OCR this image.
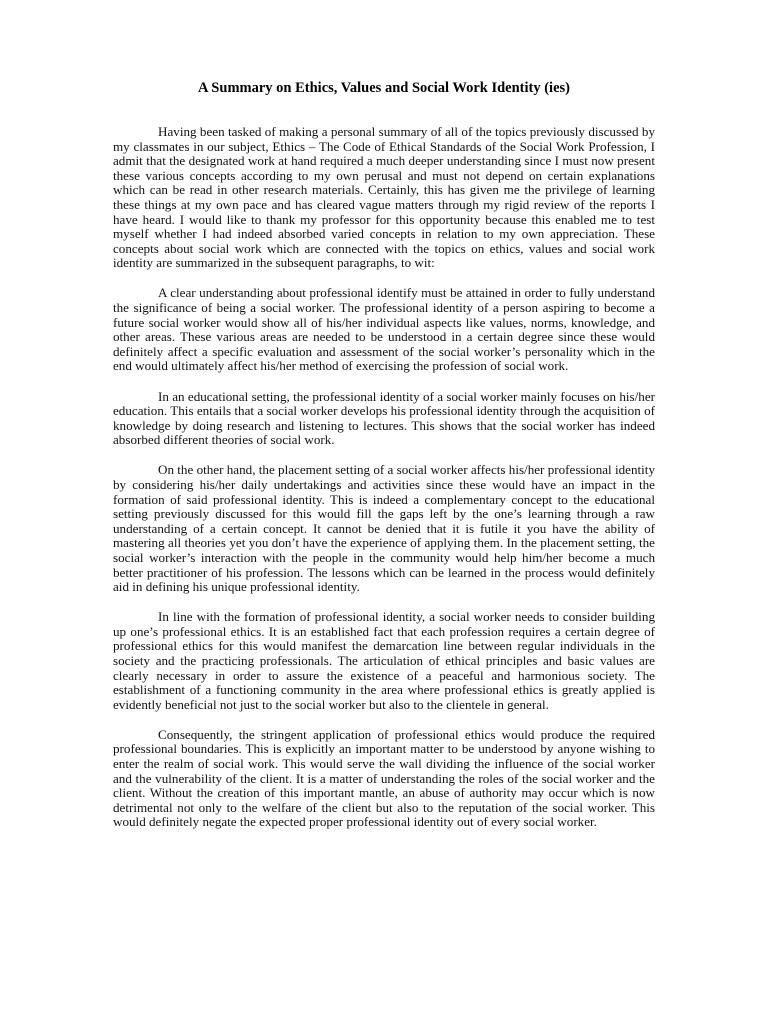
A Summary on Ethics, Values and Social Work Identity (ies)

Having been tasked of making a personal summary of all of the topics previously discussed by my classmates in our subject, Ethics – The Code of Ethical Standards of the Social Work Profession, I admit that the designated work at hand required a much deeper understanding since I must now present these various concepts according to my own perusal and must not depend on certain explanations which can be read in other research materials. Certainly, this has given me the privilege of learning these things at my own pace and has cleared vague matters through my rigid review of the reports I have heard. I would like to thank my professor for this opportunity because this enabled me to test myself whether I had indeed absorbed varied concepts in relation to my own appreciation. These concepts about social work which are connected with the topics on ethics, values and social work identity are summarized in the subsequent paragraphs, to wit:

A clear understanding about professional identify must be attained in order to fully understand the significance of being a social worker. The professional identity of a person aspiring to become a future social worker would show all of his/her individual aspects like values, norms, knowledge, and other areas. These various areas are needed to be understood in a certain degree since these would definitely affect a specific evaluation and assessment of the social worker’s personality which in the end would ultimately affect his/her method of exercising the profession of social work.

In an educational setting, the professional identity of a social worker mainly focuses on his/her education. This entails that a social worker develops his professional identity through the acquisition of knowledge by doing research and listening to lectures. This shows that the social worker has indeed absorbed different theories of social work.

On the other hand, the placement setting of a social worker affects his/her professional identity by considering his/her daily undertakings and activities since these would have an impact in the formation of said professional identity. This is indeed a complementary concept to the educational setting previously discussed for this would fill the gaps left by the one’s learning through a raw understanding of a certain concept. It cannot be denied that it is futile it you have the ability of mastering all theories yet you don’t have the experience of applying them. In the placement setting, the social worker’s interaction with the people in the community would help him/her become a much better practitioner of his profession. The lessons which can be learned in the process would definitely aid in defining his unique professional identity.

In line with the formation of professional identity, a social worker needs to consider building up one’s professional ethics. It is an established fact that each profession requires a certain degree of professional ethics for this would manifest the demarcation line between regular individuals in the society and the practicing professionals. The articulation of ethical principles and basic values are clearly necessary in order to assure the existence of a peaceful and harmonious society. The establishment of a functioning community in the area where professional ethics is greatly applied is evidently beneficial not just to the social worker but also to the clientele in general.

Consequently, the stringent application of professional ethics would produce the required professional boundaries. This is explicitly an important matter to be understood by anyone wishing to enter the realm of social work. This would serve the wall dividing the influence of the social worker and the vulnerability of the client. It is a matter of understanding the roles of the social worker and the client. Without the creation of this important mantle, an abuse of authority may occur which is now detrimental not only to the welfare of the client but also to the reputation of the social worker. This would definitely negate the expected proper professional identity out of every social worker.
